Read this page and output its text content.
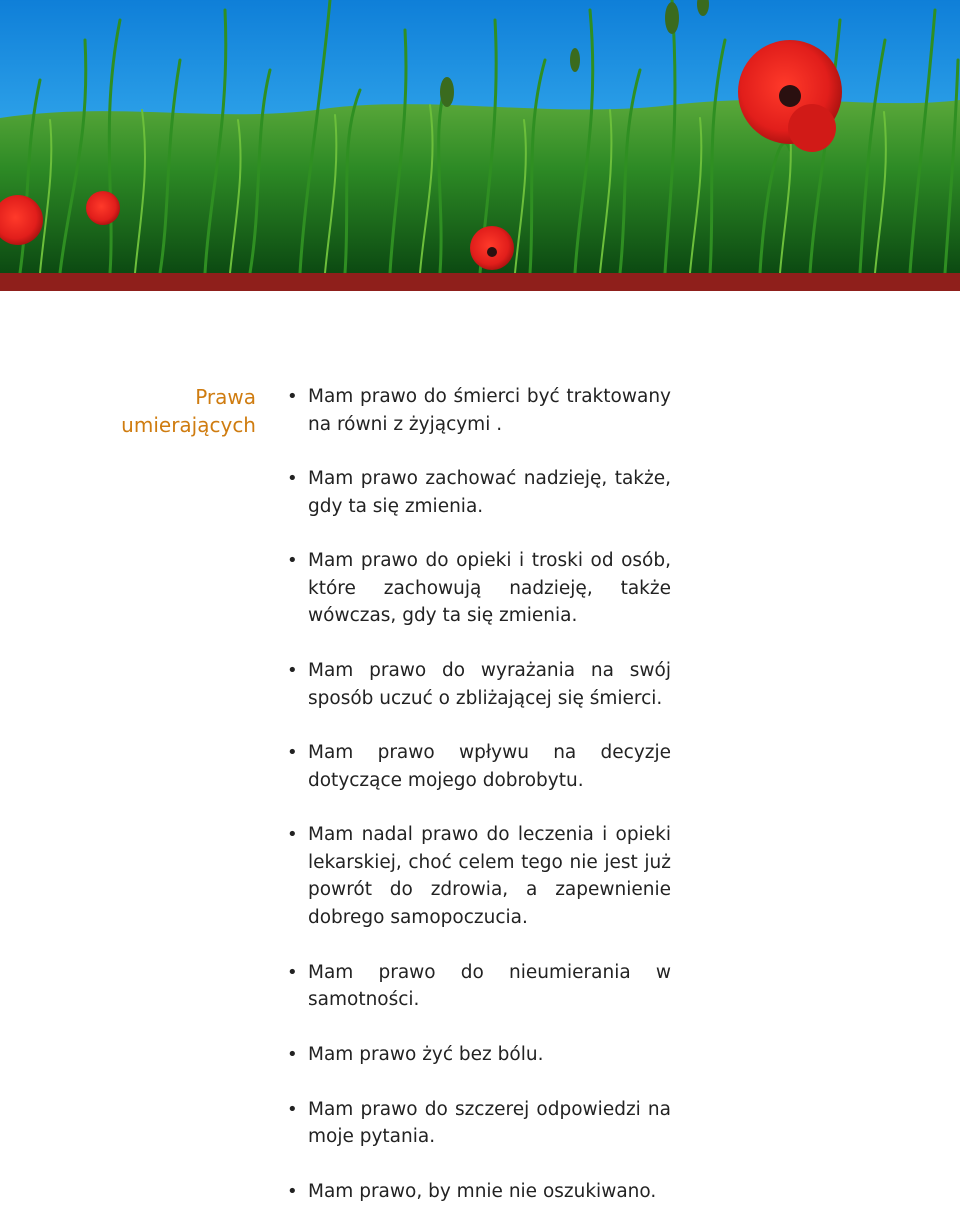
Prawa
umierających
• Mam prawo do śmierci być traktowany na równi z żyjącymi .
• Mam prawo zachować nadzieję, także, gdy ta się zmienia.
• Mam prawo do opieki i troski od osób, które zachowują nadzieję, także wówczas, gdy ta się zmienia.
• Mam prawo do wyrażania na swój sposób uczuć o zbliżającej się śmierci.
• Mam prawo wpływu na decyzje dotyczące mojego dobrobytu.
• Mam nadal prawo do leczenia i opieki lekarskiej, choć celem tego nie jest już powrót do zdrowia, a zapewnienie dobrego samopoczucia.
• Mam prawo do nieumierania w samotności.
• Mam prawo żyć bez bólu.
• Mam prawo do szczerej odpowiedzi na moje pytania.
• Mam prawo, by mnie nie oszukiwano.
